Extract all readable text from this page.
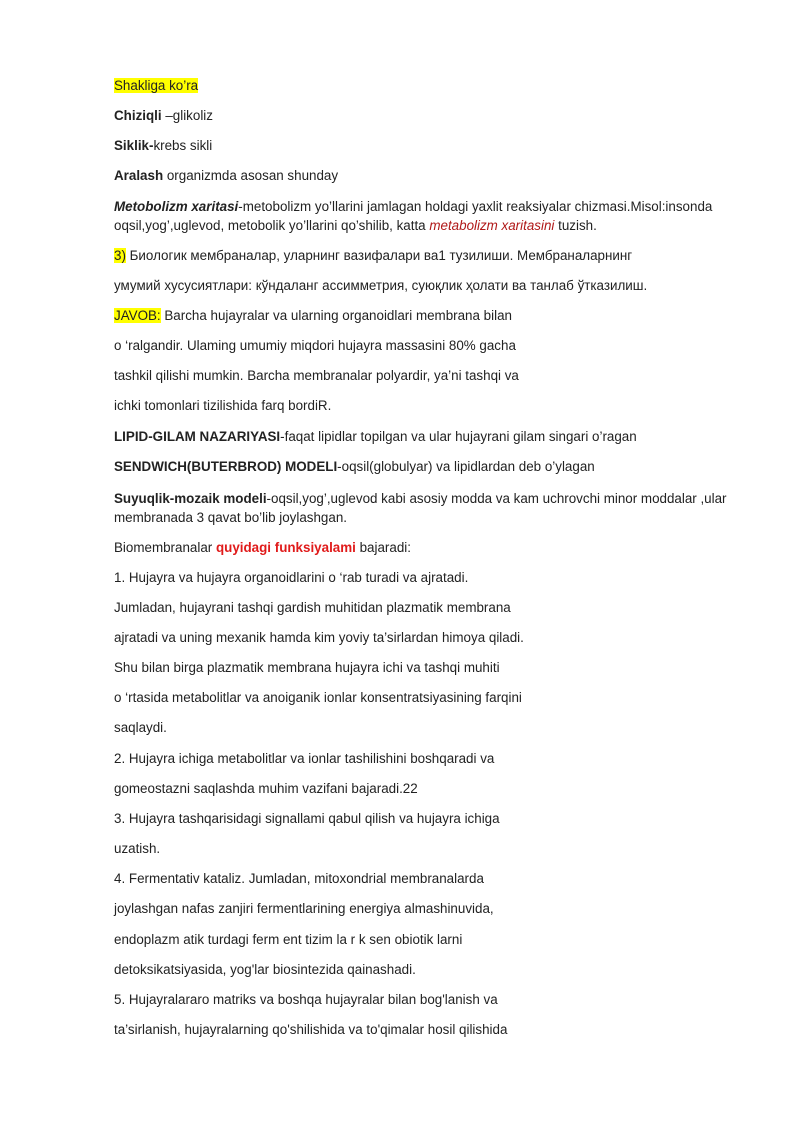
Shakliga ko’ra
Chiziqli –glikoliz
Siklik-krebs sikli
Aralash organizmda asosan shunday
Metobolizm xaritasi-metobolizm yo’llarini jamlagan holdagi yaxlit reaksiyalar chizmasi.Misol:insonda oqsil,yog’,uglevod, metobolik yo’llarini qo’shilib, katta metabolizm xaritasini tuzish.
3) Биологик мембраналар, уларнинг вазифалари ва1 тузилиши. Мембраналарнинг
умумий хусусиятлари: кўндаланг ассимметрия, суюқлик ҳолати ва танлаб ўтказилиш.
JAVOB: Barcha hujayralar va ularning organoidlari membrana bilan
o ‘ralgandir. Ulaming umumiy miqdori hujayra massasini 80% gacha
tashkil qilishi mumkin. Barcha membranalar polyardir, ya’ni tashqi va
ichki tomonlari tizilishida farq bordiR.
LIPID-GILAM NAZARIYASI-faqat lipidlar topilgan va ular hujayrani gilam singari o’ragan
SENDWICH(BUTERBROD) MODELI-oqsil(globulyar) va lipidlardan deb o’ylagan
Suyuqlik-mozaik modeli-oqsil,yog’,uglevod kabi asosiy modda va kam uchrovchi minor moddalar ,ular membranada 3 qavat bo’lib joylashgan.
Biomembranalar quyidagi funksiyalami bajaradi:
1. Hujayra va hujayra organoidlarini o ‘rab turadi va ajratadi.
Jumladan, hujayrani tashqi gardish muhitidan plazmatik membrana
ajratadi va uning mexanik hamda kim yoviy ta’sirlardan himoya qiladi.
Shu bilan birga plazmatik membrana hujayra ichi va tashqi muhiti
o ‘rtasida metabolitlar va anoiganik ionlar konsentratsiyasining farqini
saqlaydi.
2. Hujayra ichiga metabolitlar va ionlar tashilishini boshqaradi va
gomeostazni saqlashda muhim vazifani bajaradi.22
3. Hujayra tashqarisidagi signallami qabul qilish va hujayra ichiga
uzatish.
4. Fermentativ kataliz. Jumladan, mitoxondrial membranalarda
joylashgan nafas zanjiri fermentlarining energiya almashinuvida,
endoplazm atik turdagi ferm ent tizim la r k sen obiotik larni
detoksikatsiyasida, yog'lar biosintezida qainashadi.
5. Hujayralararo matriks va boshqa hujayralar bilan bog'lanish va
ta’sirlanish, hujayralarning qo'shilishida va to'qimalar hosil qilishida
